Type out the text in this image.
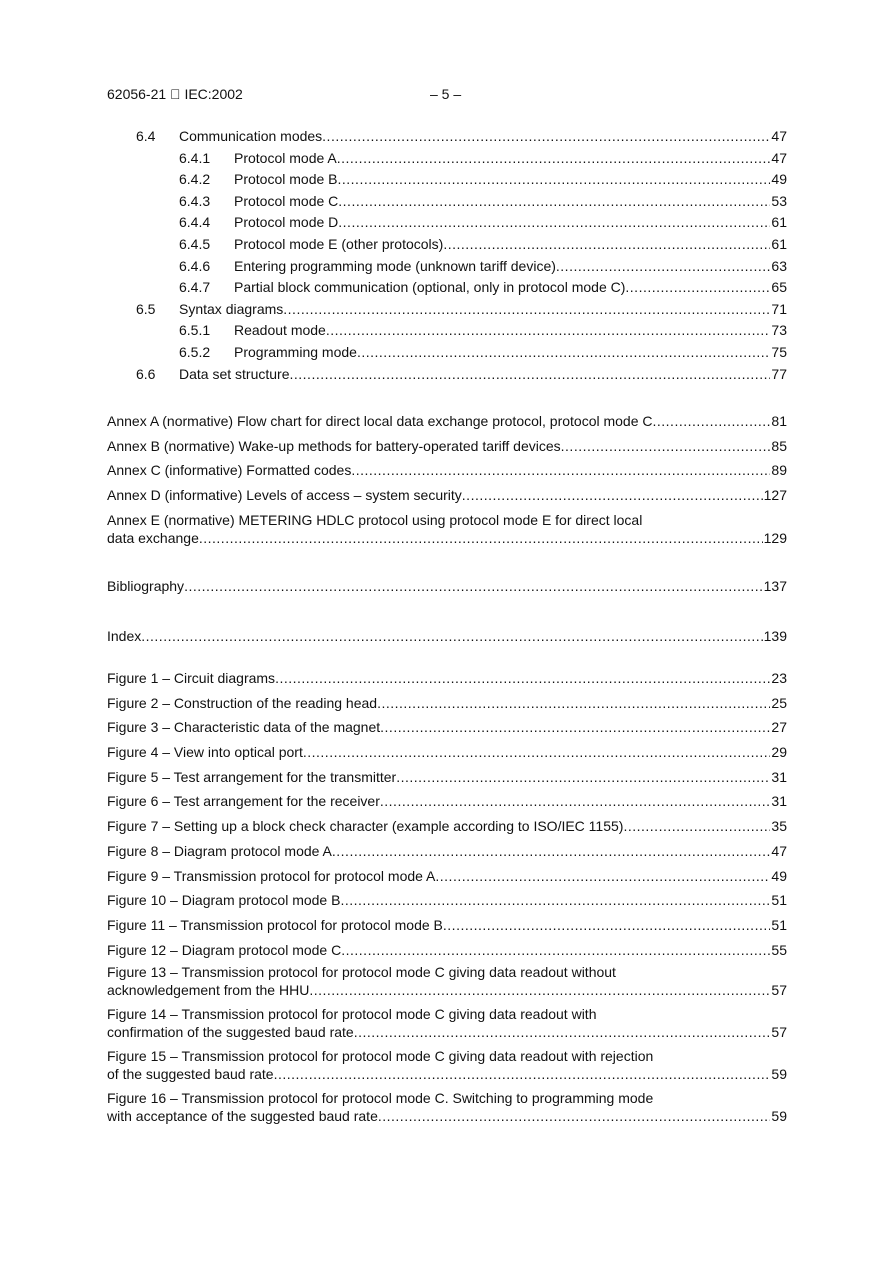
62056-21   IEC:2002	– 5 –
6.4	Communication modes .....	47
6.4.1	Protocol mode A .....	47
6.4.2	Protocol mode B .....	49
6.4.3	Protocol mode C .....	53
6.4.4	Protocol mode D .....	61
6.4.5	Protocol mode E (other protocols) .....	61
6.4.6	Entering programming mode (unknown tariff device) .....	63
6.4.7	Partial block communication (optional, only in protocol mode C) .....	65
6.5	Syntax diagrams .....	71
6.5.1	Readout mode .....	73
6.5.2	Programming mode .....	75
6.6	Data set structure .....	77
Annex A (normative) Flow chart for direct local data exchange protocol, protocol mode C .....	81
Annex B (normative) Wake-up methods for battery-operated tariff devices .....	85
Annex C (informative) Formatted codes .....	89
Annex D (informative) Levels of access – system security .....	127
Annex E (normative) METERING HDLC protocol using protocol mode E for direct local
data exchange .....	129
Bibliography .....	137
Index .....	139
Figure 1 – Circuit diagrams .....	23
Figure 2 – Construction of the reading head .....	25
Figure 3 – Characteristic data of the magnet .....	27
Figure 4 – View into optical port .....	29
Figure 5 – Test arrangement for the transmitter .....	31
Figure 6 – Test arrangement for the receiver .....	31
Figure 7 – Setting up a block check character (example according to ISO/IEC 1155) .....	35
Figure 8 – Diagram protocol mode A .....	47
Figure 9 – Transmission protocol for protocol mode A .....	49
Figure 10 – Diagram protocol mode B .....	51
Figure 11 – Transmission protocol for protocol mode B .....	51
Figure 12 – Diagram protocol mode C .....	55
Figure 13 – Transmission protocol for protocol mode C giving data readout without
acknowledgement from the HHU .....	57
Figure 14 – Transmission protocol for protocol mode C giving data readout with
confirmation of the suggested baud rate .....	57
Figure 15 – Transmission protocol for protocol mode C giving data readout with rejection
of the suggested baud rate .....	59
Figure 16 – Transmission protocol for protocol mode C. Switching to programming mode
with acceptance of the suggested baud rate .....	59
